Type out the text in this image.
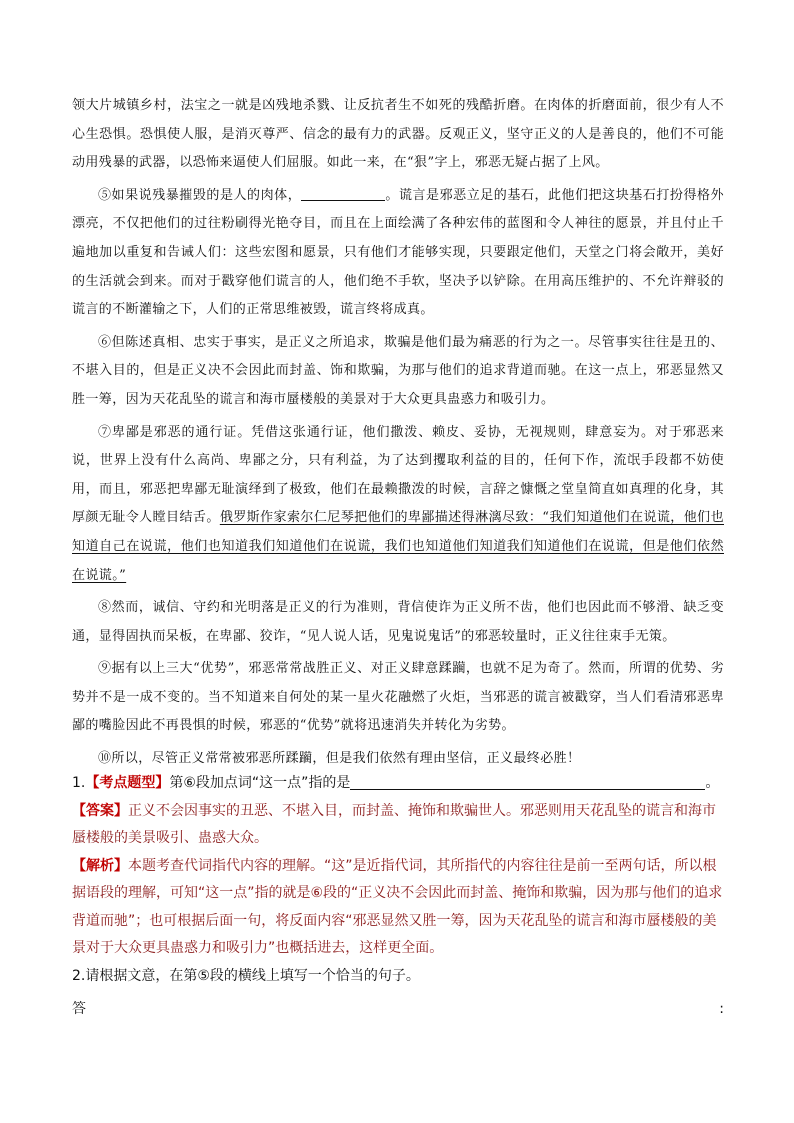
领大片城镇乡村，法宝之一就是凶残地杀戮、让反抗者生不如死的残酷折磨。在肉体的折磨面前，很少有人不心生恐惧。恐惧使人服，是消灭尊严、信念的最有力的武器。反观正义，坚守正义的人是善良的，他们不可能动用残暴的武器，以恐怖来逼使人们屈服。如此一来，在“狠”字上，邪恶无疑占据了上风。

⑤如果说残暴摧毁的是人的肉体，	。谎言是邪恶立足的基石，此他们把这块基石打扮得格外漂亮，不仅把他们的过往粉刷得光艳夺目，而且在上面绘满了各种宏伟的蓝图和令人神往的愿景，并且付止千遍地加以重复和告诫人们：这些宏图和愿景，只有他们才能够实现，只要跟定他们，天堂之门将会敞开，美好的生活就会到来。而对于戳穿他们谎言的人，他们绝不手软，坚决予以铲除。在用高压维护的、不允许辩驳的谎言的不断灌输之下，人们的正常思维被毁，谎言终将成真。

⑥但陈述真相、忠实于事实，是正义之所追求，欺骗是他们最为痛恶的行为之一。尽管事实往往是丑的、不堪入目的，但是正义决不会因此而封盖、饰和欺骗，为那与他们的追求背道而驰。在这一点上，邪恶显然又胜一筹，因为天花乱坠的谎言和海市蜃楼般的美景对于大众更具蛊惑力和吸引力。

⑦卑鄙是邪恶的通行证。凭借这张通行证，他们撒泼、赖皮、妥协，无视规则，肆意妄为。对于邪恶来说，世界上没有什么高尚、卑鄙之分，只有利益，为了达到攫取利益的目的，任何下作，流氓手段都不妨使用，而且，邪恶把卑鄙无耻演绎到了极致，他们在最赖撒泼的时候，言辞之慷慨之堂皇简直如真理的化身，其厚颜无耻令人瞠目结舌。俄罗斯作家索尔仁尼琴把他们的卑鄙描述得淋漓尽致：“我们知道他们在说谎，他们也知道自己在说谎，他们也知道我们知道他们在说谎，我们也知道他们知道我们知道他们在说谎，但是他们依然在说谎。”

⑧然而，诚信、守约和光明落是正义的行为准则，背信使诈为正义所不齿，他们也因此而不够滑、缺乏变通，显得固执而呆板，在卑鄙、狡诈，“见人说人话，见鬼说鬼话”的邪恶较量时，正义往往束手无策。

⑨据有以上三大“优势”，邪恶常常战胜正义、对正义肆意蹂躏，也就不足为奇了。然而，所谓的优势、劣势并不是一成不变的。当不知道来自何处的某一星火花融燃了火炬，当邪恶的谎言被戳穿，当人们看清邪恶卑鄙的嘴脸因此不再畏惧的时候，邪恶的“优势”就将迅速消失并转化为劣势。

⑩所以，尽管正义常常被邪恶所蹂躏，但是我们依然有理由坚信，正义最终必胜！

1.【考点题型】第⑥段加点词“这一点”指的是	。

【答案】正义不会因事实的丑恶、不堪入目，而封盖、掩饰和欺骗世人。邪恶则用天花乱坠的谎言和海市蜃楼般的美景吸引、蛊惑大众。

【解析】本题考查代词指代内容的理解。“这”是近指代词，其所指代的内容往往是前一至两句话，所以根据语段的理解，可知“这一点”指的就是⑥段的“正义决不会因此而封盖、掩饰和欺骗，因为那与他们的追求背道而驰”；也可根据后面一句，将反面内容“邪恶显然又胜一筹，因为天花乱坠的谎言和海市蜃楼般的美景对于大众更具蛊惑力和吸引力”也概括进去，这样更全面。

2.请根据文意，在第⑤段的横线上填写一个恰当的句子。

答	:
